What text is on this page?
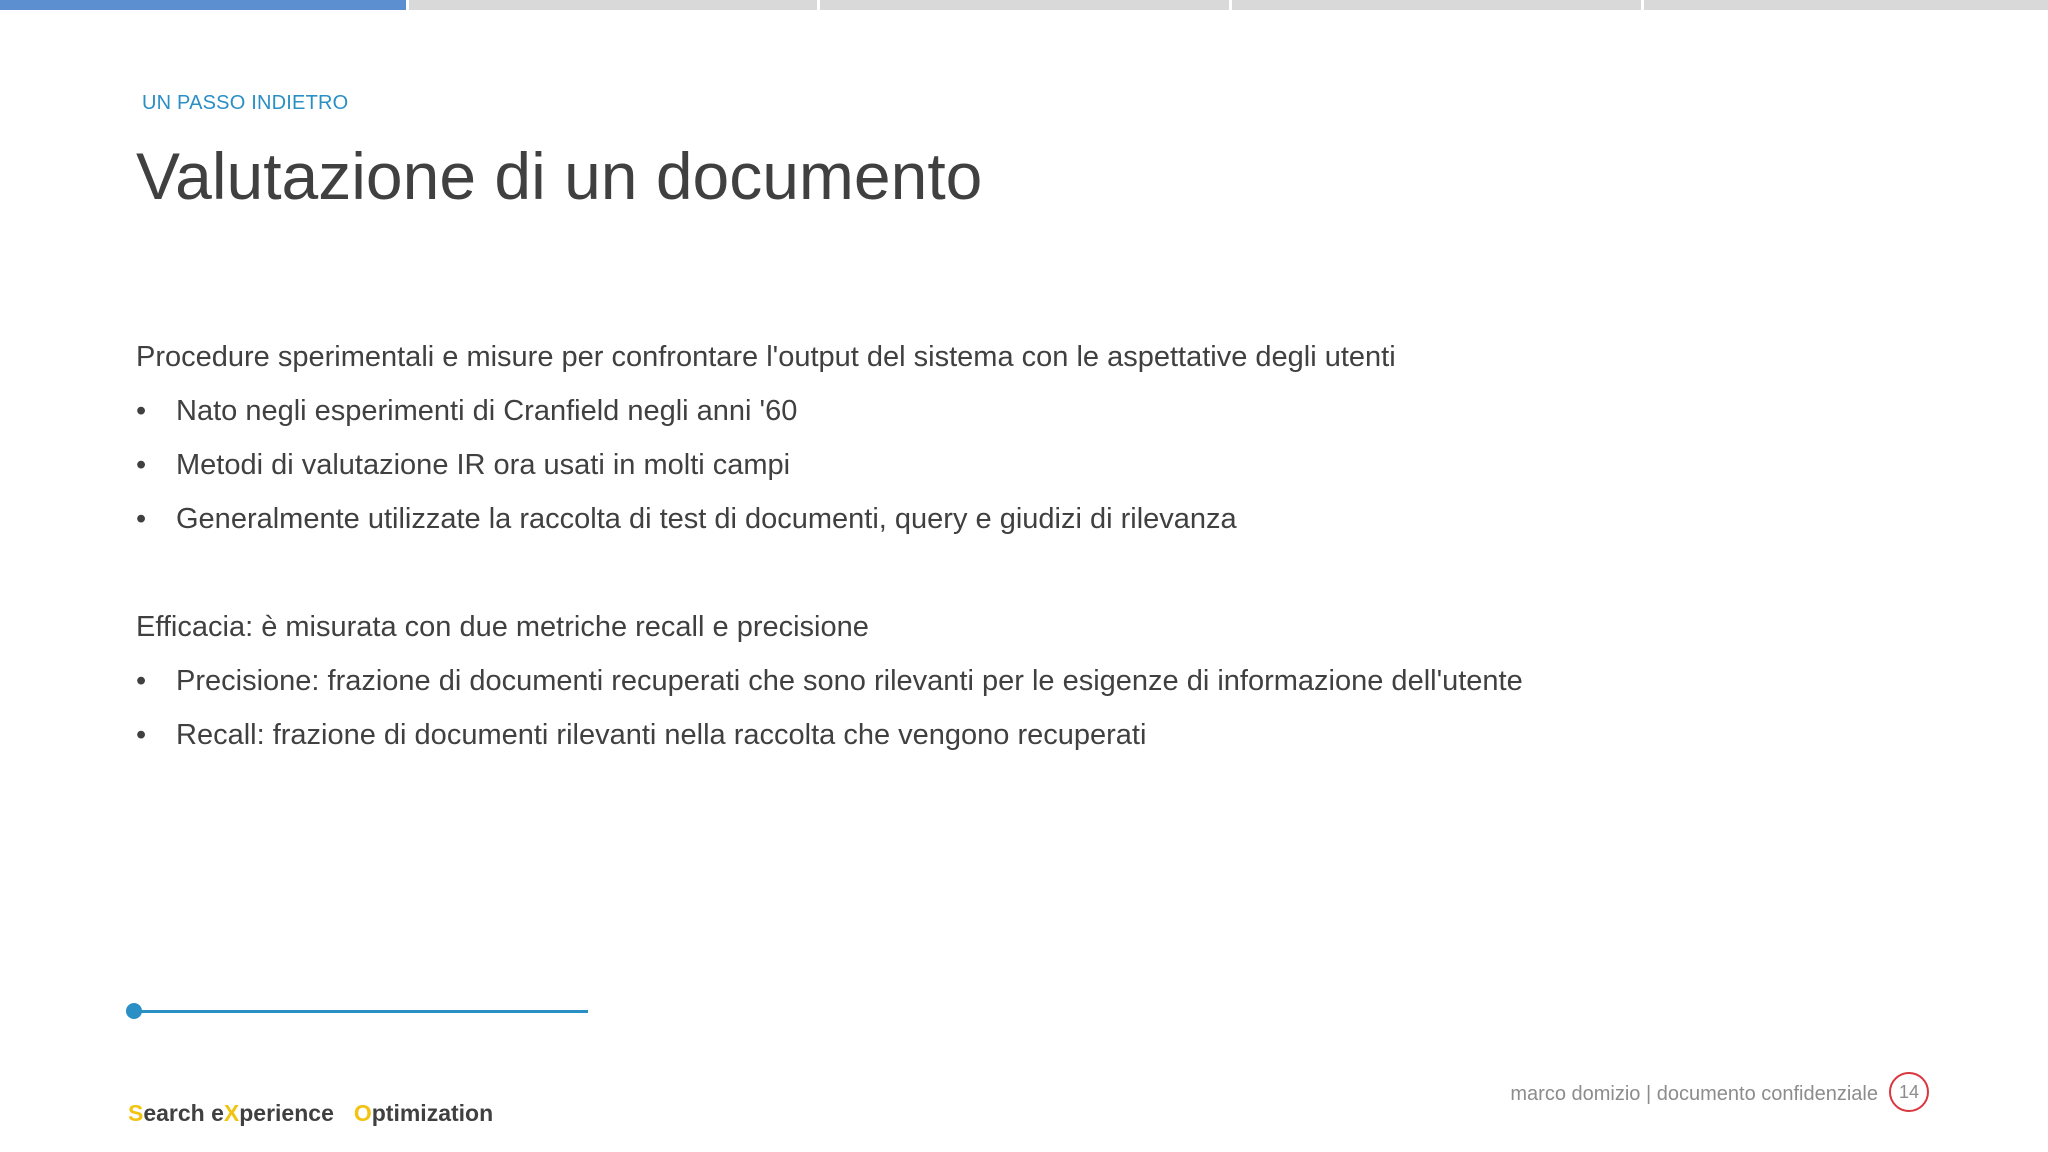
UN PASSO INDIETRO
Valutazione di un documento
Procedure sperimentali e misure per confrontare l'output del sistema con le aspettative degli utenti
•	Nato negli esperimenti di Cranfield negli anni '60
•	Metodi di valutazione IR ora usati in molti campi
•	Generalmente utilizzate la raccolta di test di documenti, query e giudizi di rilevanza
Efficacia: è misurata con due metriche recall e precisione
•	Precisione: frazione di documenti recuperati che sono rilevanti per le esigenze di informazione dell'utente
•	Recall: frazione di documenti rilevanti nella raccolta che vengono recuperati
Search eXperience Optimization
marco domizio | documento confidenziale	14
